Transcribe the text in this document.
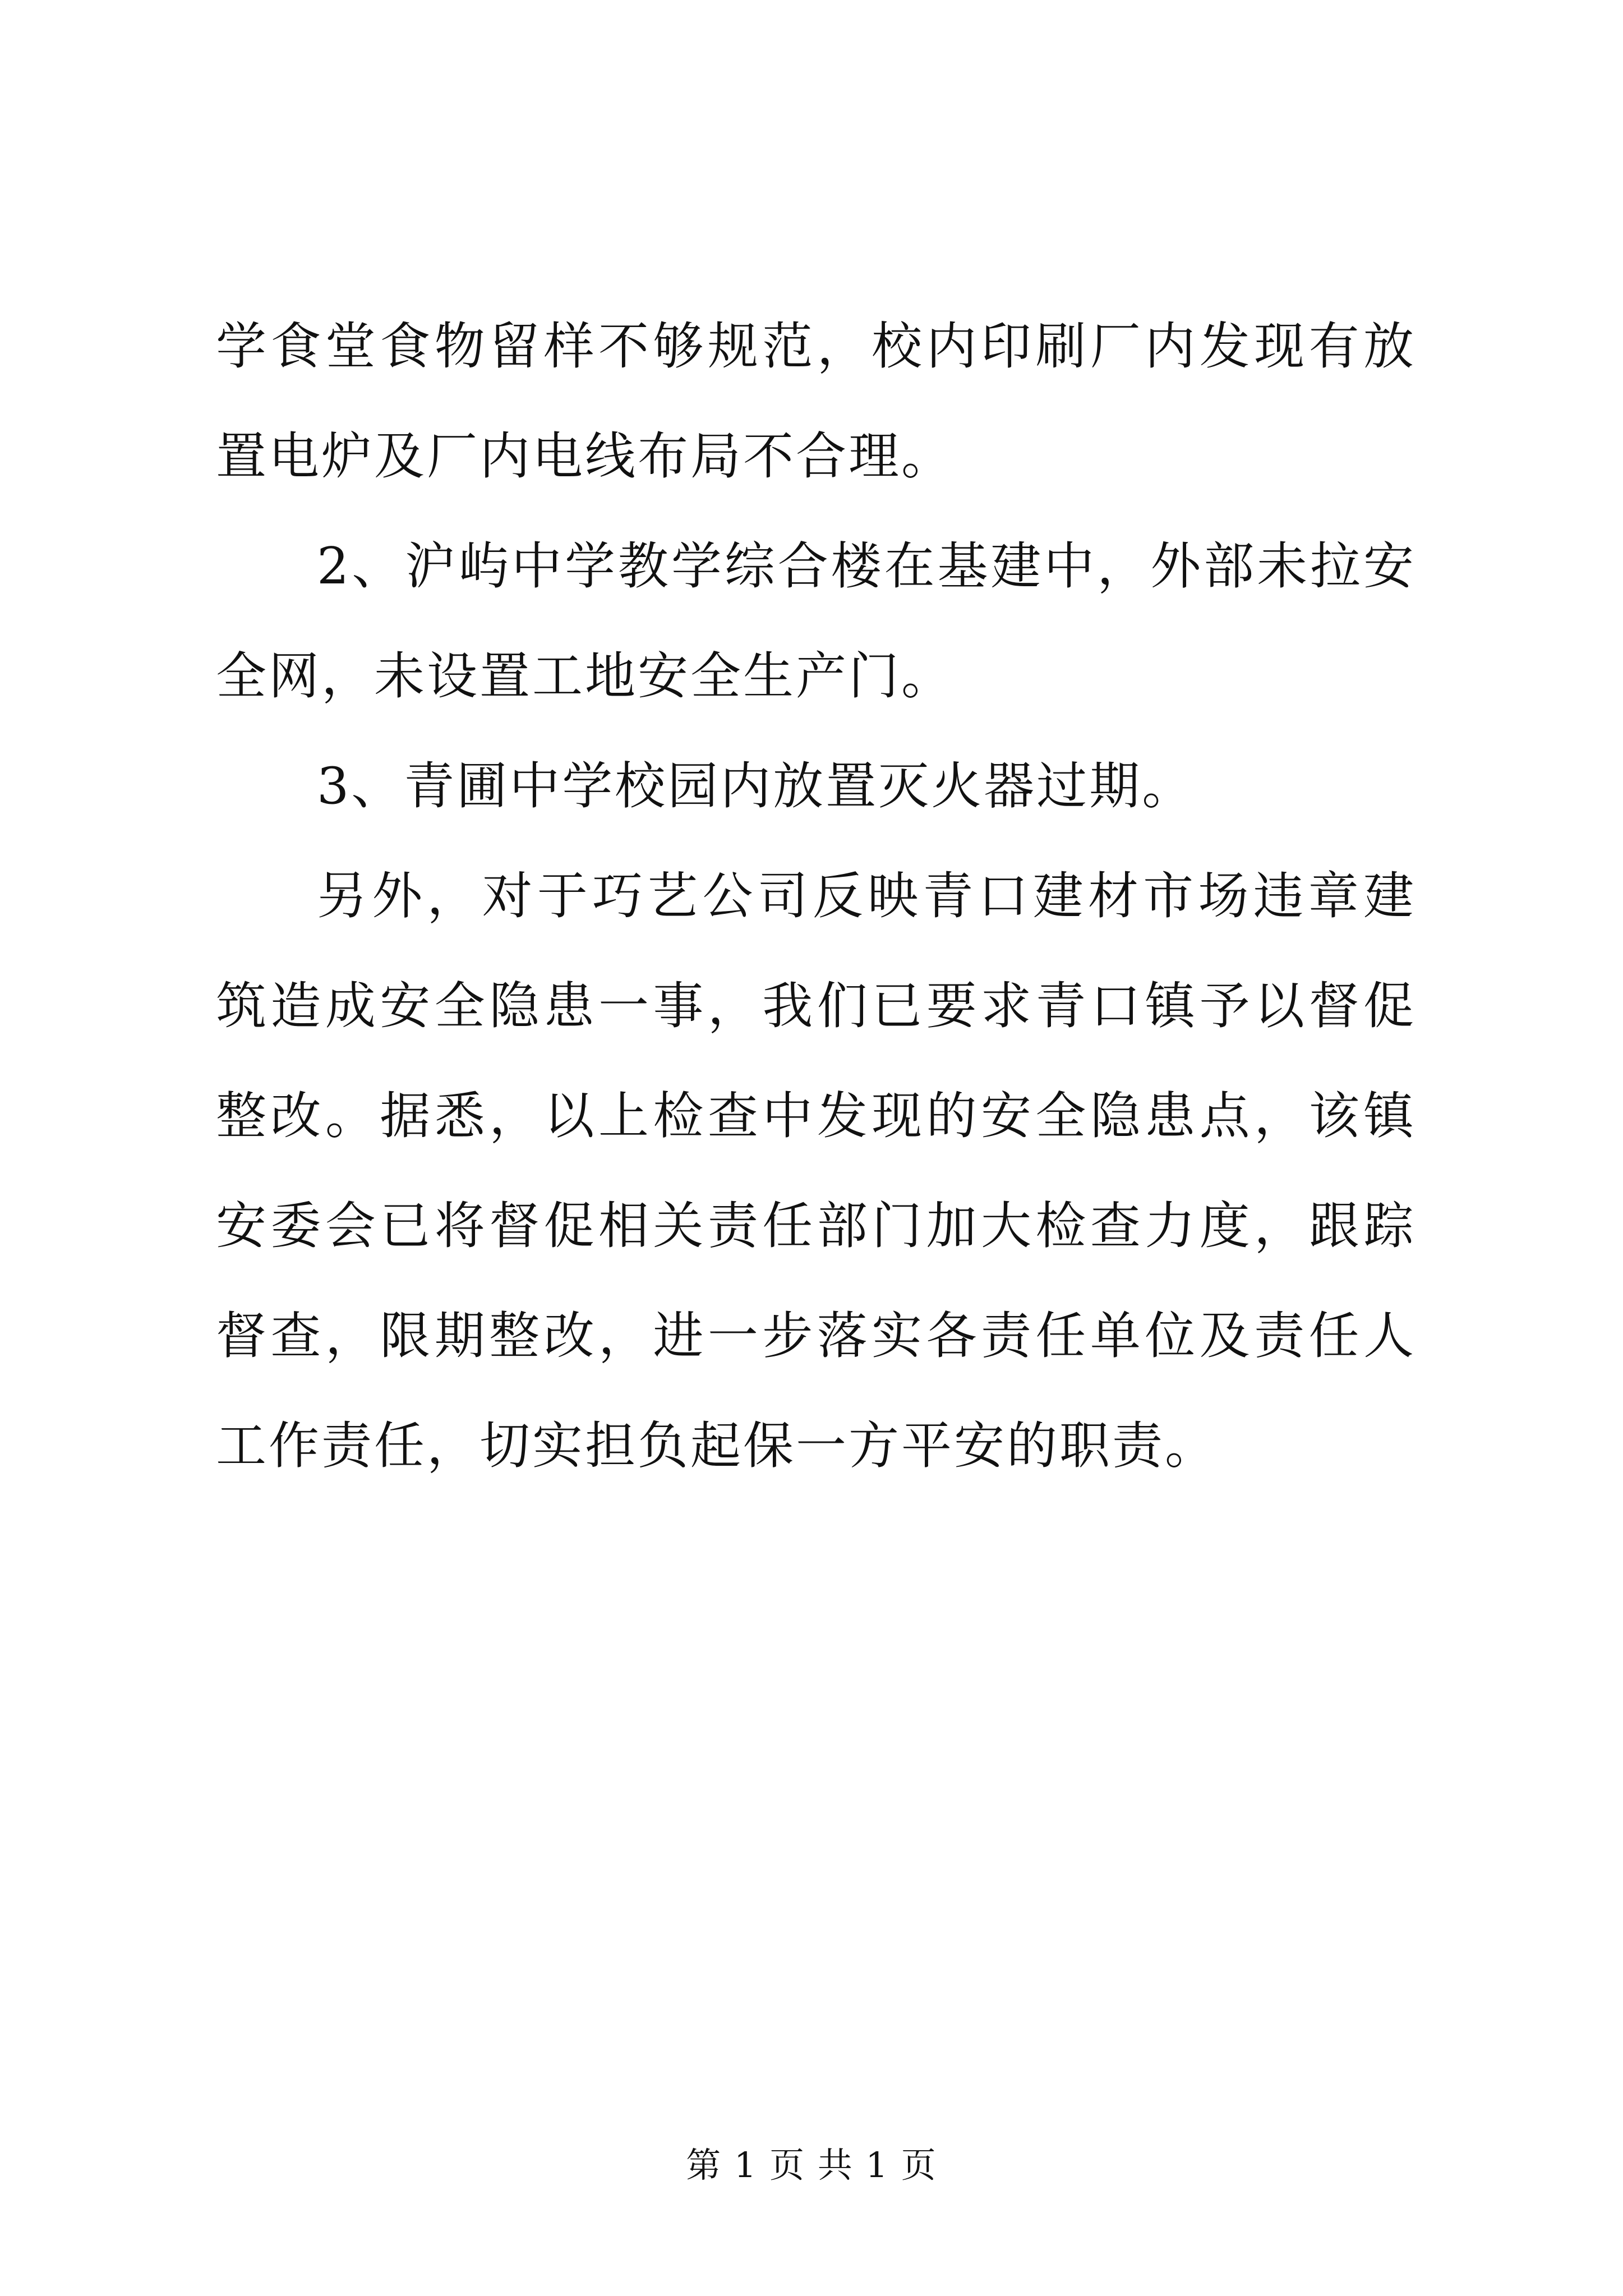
学食堂食物留样不够规范，校内印刷厂内发现有放置电炉及厂内电线布局不合理。

2、沪屿中学教学综合楼在基建中，外部未拉安全网，未设置工地安全生产门。

3、青圃中学校园内放置灭火器过期。

另外，对于巧艺公司反映青口建材市场违章建筑造成安全隐患一事，我们已要求青口镇予以督促整改。据悉，以上检查中发现的安全隐患点，该镇安委会已将督促相关责任部门加大检查力度，跟踪督查，限期整改，进一步落实各责任单位及责任人工作责任，切实担负起保一方平安的职责。

第 1 页 共 1 页
